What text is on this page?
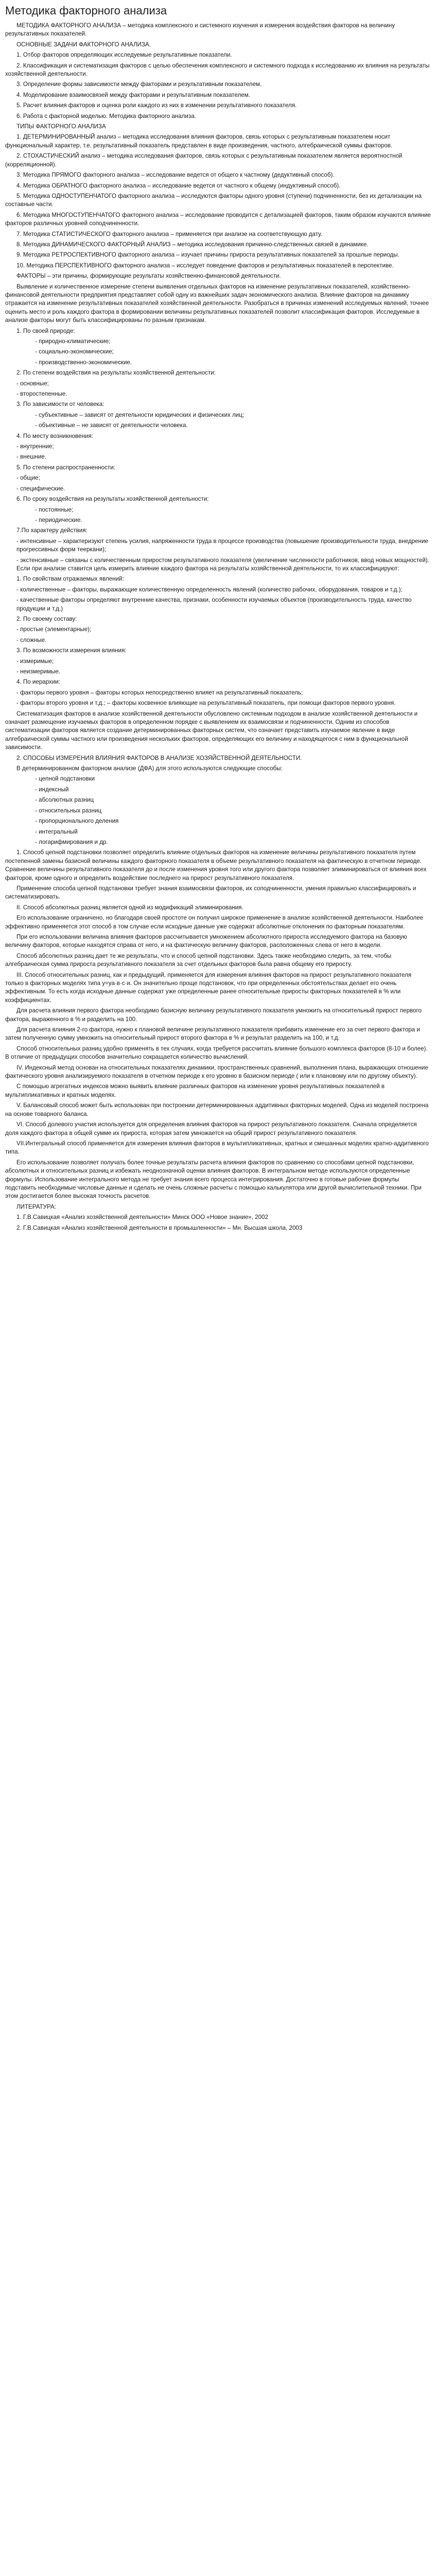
Методика факторного анализа

МЕТОДИКА ФАКТОРНОГО АНАЛИЗА – методика комплексного и системного изучения и измерения воздействия факторов на величину результативных показателей.

ОСНОВНЫЕ ЗАДАЧИ ФАКТОРНОГО АНАЛИЗА.

1. Отбор факторов определяющих исследуемые результативные показатели.

2. Классификация и систематизация факторов с целью обеспечения комплексного и системного подхода к исследованию их влияния на результаты хозяйственной деятельности.

3. Определение формы зависимости между факторами и результативным показателем.

4. Моделирование взаимосвязей между факторами и результативным показателем.

5. Расчет влияния факторов и оценка роли каждого из них в изменении результативного показателя.

6. Работа с факторной моделью. Методика факторного анализа.

ТИПЫ ФАКТОРНОГО АНАЛИЗА

1. ДЕТЕРМИНИРОВАННЫЙ анализ – методика исследования влияния факторов, связь которых с результативным показателем носит функциональный характер, т.е. результативный показатель представлен в виде произведения, частного, алгебраической суммы факторов.

2. СТОХАСТИЧЕСКИЙ анализ – методика исследования факторов, связь которых с результативным показателем является вероятностной (корреляционной).

3. Методика ПРЯМОГО факторного анализа – исследование ведется от общего к частному (дедуктивный способ).

4. Методика ОБРАТНОГО факторного анализа – исследование ведется от частного к общему (индуктивный способ).

5. Методика ОДНОСТУПЕНЧАТОГО факторного анализа – исследуются факторы одного уровня (ступени) подчиненности, без их детализации на составные части.

6. Методика МНОГОСТУПЕНЧАТОГО факторного анализа – исследование проводится с детализацией факторов, таким образом изучаются влияние факторов различных уровней соподчиненности.

7. Методика СТАТИСТИЧЕСКОГО факторного анализа – применяется при анализе на соответствующую дату.

8. Методика ДИНАМИЧЕСКОГО ФАКТОРНЫЙ АНАЛИЗ – методика исследования причинно-следственных связей в динамике.

9. Методика РЕТРОСПЕКТИВНОГО факторного анализа – изучает причины прироста результативных показателей за прошлые периоды.

10. Методика ПЕРСПЕКТИВНОГО факторного анализа – исследует поведение факторов и результативных показателей в перспективе.

ФАКТОРЫ – эти причины, формирующие результаты хозяйственно-финансовой деятельности.

Выявление и количественное измерение степени выявления отдельных факторов на изменение результативных показателей, хозяйственно-финансовой деятельности предприятия представляет собой одну из важнейших задач экономического анализа. Влияние факторов на динамику отражается на изменение результативных показателей хозяйственной деятельности. Разобраться в причинах изменений исследуемых явлений, точнее оценить место и роль каждого фактора в формировании величины результативных показателей позволит классификация факторов. Исследуемые в анализе факторы могут быть классифицированы по разным признакам.

1. По своей природе:

- природно-климатические;

- социально-экономические;

- производственно-экономические.

2. По степени воздействия на результаты хозяйственной деятельности:

- основные;

- второстепенные.

3. По зависимости от человека:

- субъективные – зависят от деятельности юридических и физических лиц;

- объективные – не зависят от деятельности человека.

4. По месту возникновения:

- внутренние;

- внешние.

5. По степени распространенности:

- общие;

- специфические.

6. По сроку воздействия на результаты хозяйственной деятельности:

- постоянные;

- периодические.

7.По характеру действия:

- интенсивные – характеризуют степень усилия, напряженности труда в процессе производства (повышение производительности труда, внедрение прогрессивных форм тееркани);

- экстенсивные – связаны с количественным приростом результативного показателя (увеличение численности работников, ввод новых мощностей). Если при анализе ставится цель измерить влияние каждого фактора на результаты хозяйственной деятельности, то их классифицируют:

1. По свойствам отражаемых явлений:

- количественные – факторы, выражающие количественную определенность явлений (количество рабочих, оборудования, товаров и т.д.);

- качественные факторы определяют внутренние качества, признаки, особенности изучаемых объектов (производительность труда, качество продукции и т.д.)

2. По своему составу:

- простые (элементарные);

- сложные.

3. По возможности измерения влияния:

- измеримые;

- неизмеримые.

4. По иерархии:

- факторы первого уровня – факторы которых непосредственно влияет на результативный показатель;

- факторы второго уровня и т.д.; – факторы косвенное влияющие на результативный показатель, при помощи факторов первого уровня.

Систематизация факторов в анализе хозяйственной деятельности обусловлено системным подходом в анализе хозяйственной деятельности и означает размещение изучаемых факторов в определенном порядке с выявлением их взаимосвязи и подчиненности. Одним из способов систематизации факторов является создание детерминированных факторных систем, что означает представить изучаемое явление в виде алгебраической суммы частного или произведения нескольких факторов, определяющих его величину и находящегося с ним в функциональной зависимости.

2. СПОСОБЫ ИЗМЕРЕНИЯ ВЛИЯНИЯ ФАКТОРОВ В АНАЛИЗЕ ХОЗЯЙСТВЕННОЙ ДЕЯТЕЛЬНОСТИ.

В детерминированном факторном анализе (ДФА) для этого используются следующие способы:

- цепной подстановки

- индексный

- абсолютных разниц

- относительных разниц

- пропорционального деления

- интегральный

- логарифмирования и др.

1. Способ цепной подстановки позволяет определить влияние отдельных факторов на изменение величины результативного показателя путем постепенной замены базисной величины каждого факторного показателя в объеме результативного показателя на фактическую в отчетном периоде. Сравнение величины результативного показателя до и после изменения уровня того или другого фактора позволяет элиминироваться от влияния всех факторов, кроме одного и определить воздействие последнего на прирост результативного показателя.

Применение способа цепной подстановки требует знания взаимосвязи факторов, их соподчиненности, умения правильно классифицировать и систематизировать.

II. Способ абсолютных разниц является одной из модификаций элиминирования.

Его использование ограничено, но благодаря своей простоте он получил широкое применение в анализе хозяйственной деятельности. Наиболее эффективно применяется этот способ в том случае если исходные данные уже содержат абсолютные отклонения по факторным показателям.

При его использовании величина влияния факторов рассчитывается умножением абсолютного прироста исследуемого фактора на базовую величину факторов, которые находятся справа от него, и на фактическую величину факторов, расположенных слева от него в модели.

Способ абсолютных разниц дает те же результаты, что и способ цепной подстановки. Здесь также необходимо следить, за тем, чтобы алгебраическая сумма прироста результативного показателя за счет отдельных факторов была равна общему его приросту.

III. Способ относительных разниц, как и предыдущий, применяется для измерения влияния факторов на прирост результативного показателя только в факторных моделях типа у=уа·в·с·и. Он значительно проще подстановок, что при определенных обстоятельствах делает его очень эффективным. То есть когда исходные данные содержат уже определенные ранее относительные приросты факторных показателей в % или коэффициентах.

Для расчета влияния первого фактора необходимо базисную величину результативного показателя умножить на относительный прирост первого фактора, выраженного в % и разделить на 100.

Для расчета влияния 2-го фактора, нужно к плановой величине результативного показателя прибавить изменение его за счет первого фактора и затем полученную сумму умножить на относительный прирост второго фактора в % и результат разделить на 100, и т.д.

Способ относительных разниц удобно применять в тех случаях, когда требуется рассчитать влияние большого комплекса факторов (8-10 и более). В отличие от предыдущих способов значительно сокращается количество вычислений.

IV. Индексный метод основан на относительных показателях динамики, пространственных сравнений, выполнения плана, выражающих отношение фактического уровня анализируемого показателя в отчетном периоде к его уровню в базисном периоде ( или к плановому или по другому объекту).

С помощью агрегатных индексов можно выявить влияние различных факторов на изменение уровня результативных показателей в мультипликативных и кратных моделях.

V. Балансовый способ может быть использован при построении детерминированных аддитивных факторных моделей. Одна из моделей построена на основе товарного баланса.

VI. Способ долевого участия используется для определения влияния факторов на прирост результативного показателя. Сначала определяется доля каждого фактора в общей сумме их прироста, которая затем умножается на общий прирост результативного показателя.

VII.Интегральный способ применяется для измерения влияния факторов в мультипликативных, кратных и смешанных моделях кратно-аддитивного типа.

Его использование позволяет получать более точные результаты расчета влияния факторов по сравнению со способами цепной подстановки, абсолютных и относительных разниц и избежать неоднозначной оценки влияния факторов. В интегральном методе используются определенные формулы. Использование интегрального метода не требует знания всего процесса интегрирования. Достаточно в готовые рабочие формулы подставить необходимые числовые данные и сделать не очень сложные расчеты с помощью калькулятора или другой вычислительной техники. При этом достигается более высокая точность расчетов.

ЛИТЕРАТУРА:

1. Г.В.Савицкая «Анализ хозяйственной деятельности» Минск ООО «Новое знание», 2002

2. Г.В.Савицкая «Анализ хозяйственной деятельности в промышленности» – Мн. Высшая школа, 2003
